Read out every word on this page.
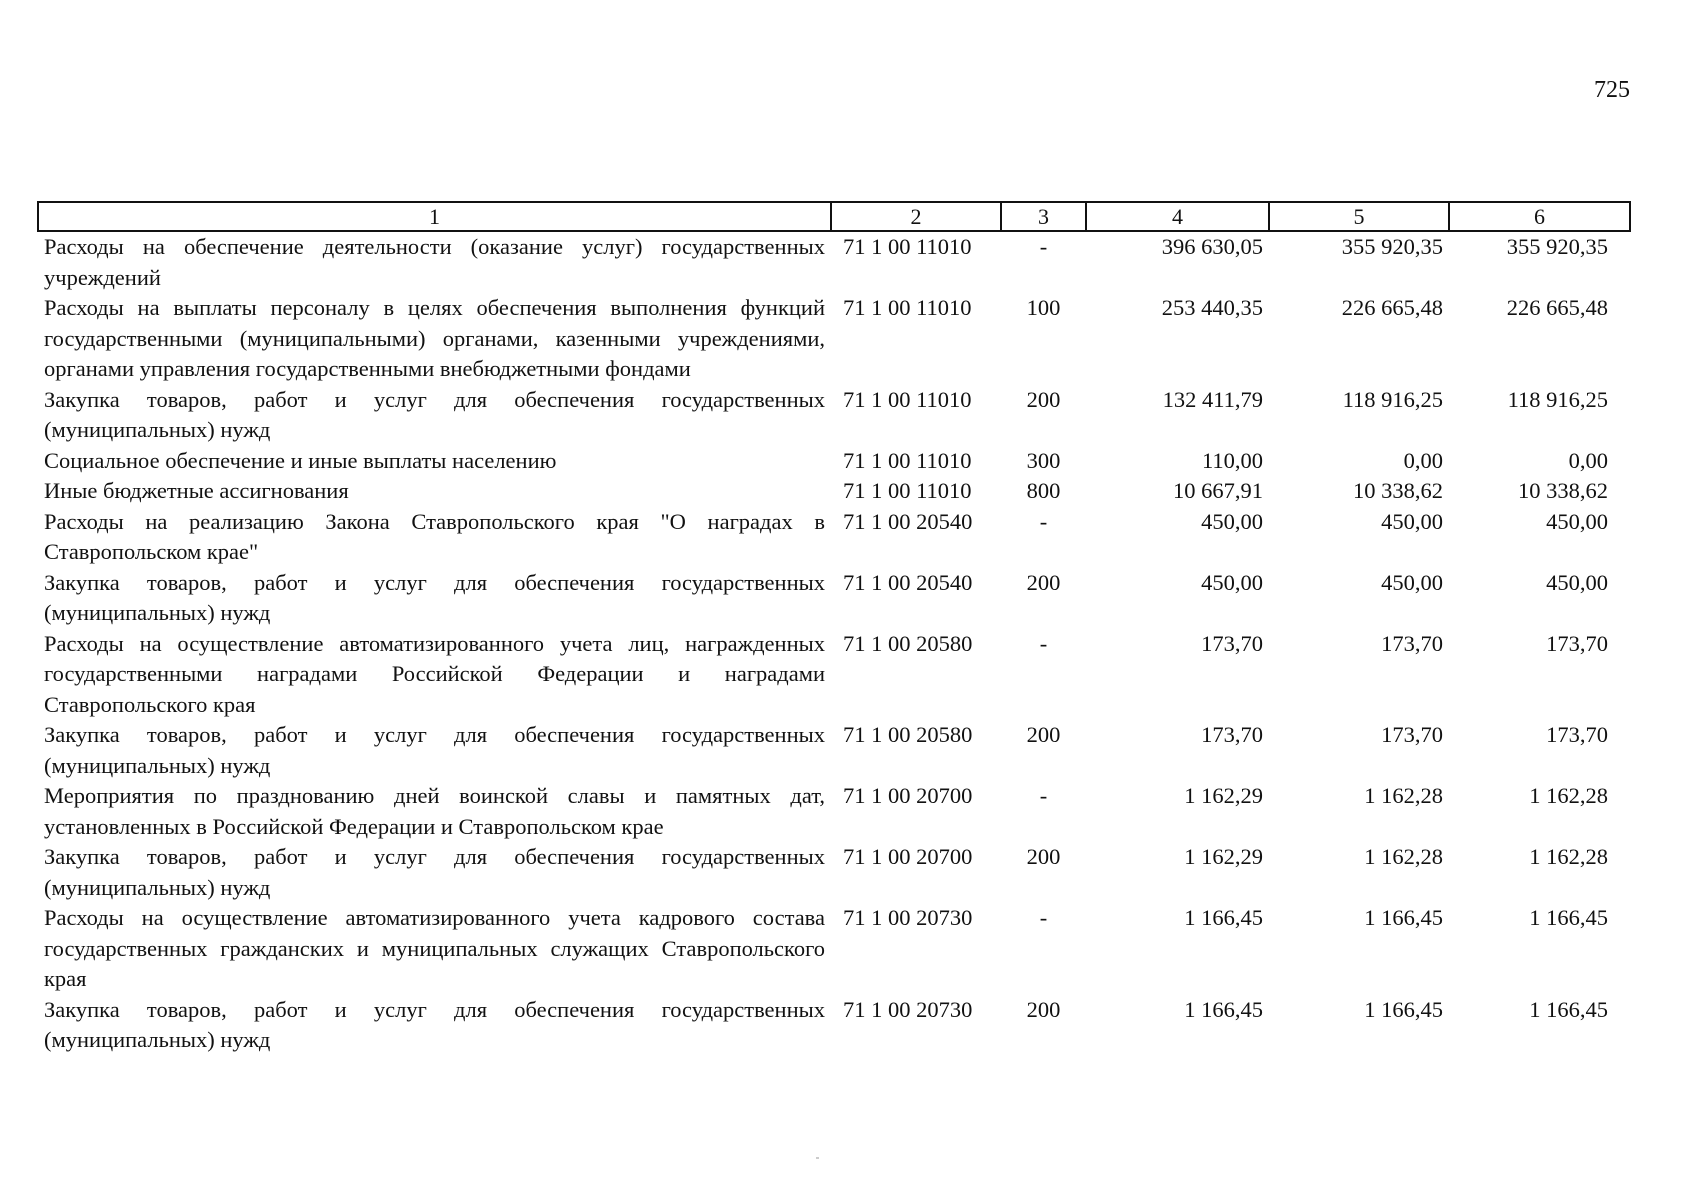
725
1	2	3	4	5	6
Расходы на обеспечение деятельности (оказание услуг) государственных учреждений	71 1 00 11010	-	396 630,05	355 920,35	355 920,35
Расходы на выплаты персоналу в целях обеспечения выполнения функций государственными (муниципальными) органами, казенными учреждениями, органами управления государственными внебюджетными фондами	71 1 00 11010	100	253 440,35	226 665,48	226 665,48
Закупка товаров, работ и услуг для обеспечения государственных (муниципальных) нужд	71 1 00 11010	200	132 411,79	118 916,25	118 916,25
Социальное обеспечение и иные выплаты населению	71 1 00 11010	300	110,00	0,00	0,00
Иные бюджетные ассигнования	71 1 00 11010	800	10 667,91	10 338,62	10 338,62
Расходы на реализацию Закона Ставропольского края "О наградах в Ставропольском крае"	71 1 00 20540	-	450,00	450,00	450,00
Закупка товаров, работ и услуг для обеспечения государственных (муниципальных) нужд	71 1 00 20540	200	450,00	450,00	450,00
Расходы на осуществление автоматизированного учета лиц, награжденных государственными наградами Российской Федерации и наградами Ставропольского края	71 1 00 20580	-	173,70	173,70	173,70
Закупка товаров, работ и услуг для обеспечения государственных (муниципальных) нужд	71 1 00 20580	200	173,70	173,70	173,70
Мероприятия по празднованию дней воинской славы и памятных дат, установленных в Российской Федерации и Ставропольском крае	71 1 00 20700	-	1 162,29	1 162,28	1 162,28
Закупка товаров, работ и услуг для обеспечения государственных (муниципальных) нужд	71 1 00 20700	200	1 162,29	1 162,28	1 162,28
Расходы на осуществление автоматизированного учета кадрового состава государственных гражданских и муниципальных служащих Ставропольского края	71 1 00 20730	-	1 166,45	1 166,45	1 166,45
Закупка товаров, работ и услуг для обеспечения государственных (муниципальных) нужд	71 1 00 20730	200	1 166,45	1 166,45	1 166,45
